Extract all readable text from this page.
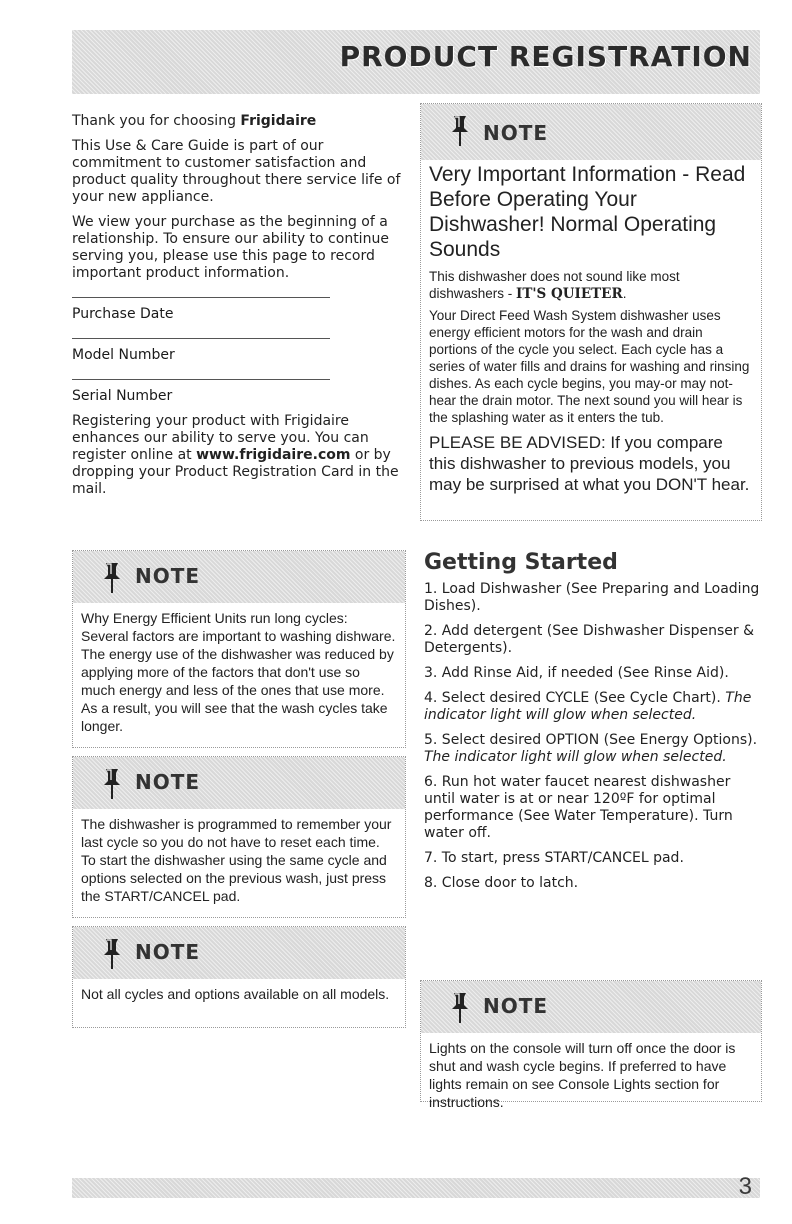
PRODUCT REGISTRATION

Thank you for choosing Frigidaire

This Use & Care Guide is part of our commitment to customer satisfaction and product quality throughout there service life of your new appliance.

We view your purchase as the beginning of a relationship. To ensure our ability to continue serving you, please use this page to record important product information.

Purchase Date
Model Number
Serial Number

Registering your product with Frigidaire enhances our ability to serve you. You can register online at www.frigidaire.com or by dropping your Product Registration Card in the mail.

NOTE

Very Important Information - Read Before Operating Your Dishwasher! Normal Operating Sounds

This dishwasher does not sound like most dishwashers - IT'S QUIETER.

Your Direct Feed Wash System dishwasher uses energy efficient motors for the wash and drain portions of the cycle you select. Each cycle has a series of water fills and drains for washing and rinsing dishes. As each cycle begins, you may-or may not- hear the drain motor. The next sound you will hear is the splashing water as it enters the tub.

PLEASE BE ADVISED: If you compare this dishwasher to previous models, you may be surprised at what you DON'T hear.

NOTE

Why Energy Efficient Units run long cycles: Several factors are important to washing dishware. The energy use of the dishwasher was reduced by applying more of the factors that don't use so much energy and less of the ones that use more. As a result, you will see that the wash cycles take longer.

NOTE

The dishwasher is programmed to remember your last cycle so you do not have to reset each time. To start the dishwasher using the same cycle and options selected on the previous wash, just press the START/CANCEL pad.

NOTE

Not all cycles and options available on all models.

Getting Started
1. Load Dishwasher (See Preparing and Loading Dishes).
2. Add detergent (See Dishwasher Dispenser & Detergents).
3. Add Rinse Aid, if needed (See Rinse Aid).
4. Select desired CYCLE (See Cycle Chart). The indicator light will glow when selected.
5. Select desired OPTION (See Energy Options). The indicator light will glow when selected.
6. Run hot water faucet nearest dishwasher until water is at or near 120ºF for optimal performance (See Water Temperature). Turn water off.
7. To start, press START/CANCEL pad.
8. Close door to latch.
NOTE

Lights on the console will turn off once the door is shut and wash cycle begins. If preferred to have lights remain on see Console Lights section for instructions.

3
